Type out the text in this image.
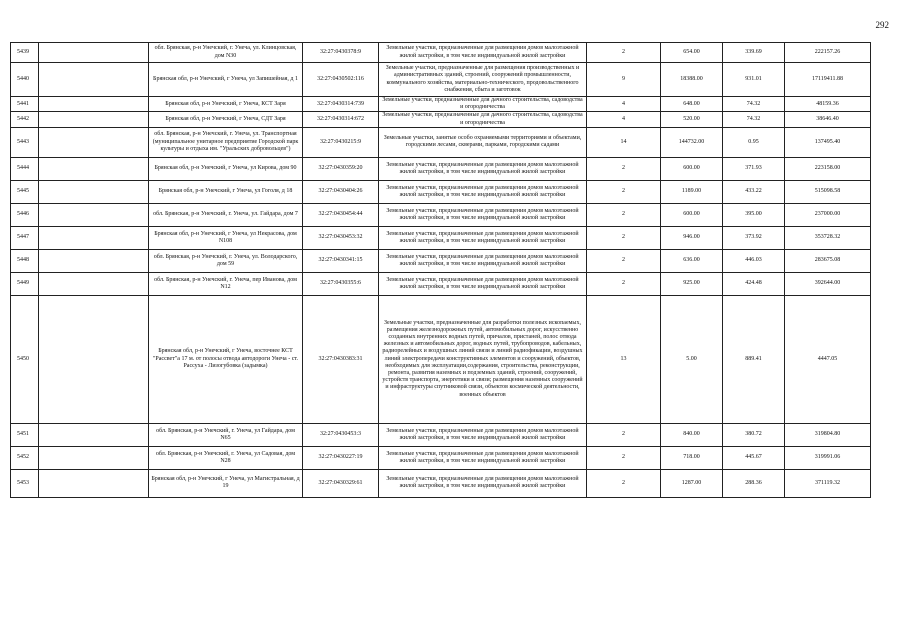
292
5439		обл. Брянская, р-н Унечский, г. Унеча, ул. Клинцовская, дом N30	32:27:0430378:9	Земельные участки, предназначенные для размещения домов малоэтажной жилой застройки, в том числе индивидуальной жилой застройки	2	654.00	339.69	222157.26
5440		Брянская обл, р-н Унечский, г Унеча, ул Запишейная, д 1	32:27:0430502:116	Земельные участки, предназначенные для размещения производственных и административных зданий, строений, сооружений промышленности, коммунального хозяйства, материально-технического, продовольственного снабжения, сбыта и заготовок	9	18388.00	931.01	17119411.88
5441		Брянская обл, р-н Унечский, г Унеча, КСТ Заря	32:27:0430314:739	Земельные участки, предназначенные для дачного строительства, садоводства и огородничества	4	648.00	74.32	48159.36
5442		Брянская обл, р-н Унечский, г Унеча, СДТ Заря	32:27:0430314:672	Земельные участки, предназначенные для дачного строительства, садоводства и огородничества	4	520.00	74.32	38646.40
5443		обл. Брянская, р-н Унечский, г. Унеча, ул. Транспортная (муниципальное унитарное предприятие Городской парк культуры и отдыха им. "Уральских добровольцев")	32:27:0430215:9	Земельные участки, занятые особо охраняемыми территориями и объектами, городскими лесами, скверами, парками, городскими садами	14	144732.00	0.95	137495.40
5444		Брянская обл, р-н Унечский, г Унеча, ул Кирова, дом 90	32:27:0430359:20	Земельные участки, предназначенные для размещения домов малоэтажной жилой застройки, в том числе индивидуальной жилой застройки	2	600.00	371.93	223158.00
5445		Брянская обл, р-н Унечский, г Унеча, ул Гоголя, д 18	32:27:0430404:26	Земельные участки, предназначенные для размещения домов малоэтажной жилой застройки, в том числе индивидуальной жилой застройки	2	1189.00	433.22	515098.58
5446		обл. Брянская, р-н Унечский, г. Унеча, ул. Гайдара, дом 7	32:27:0430454:44	Земельные участки, предназначенные для размещения домов малоэтажной жилой застройки, в том числе индивидуальной жилой застройки	2	600.00	395.00	237000.00
5447		Брянская обл, р-н Унечский, г Унеча, ул Некрасова, дом N108	32:27:0430453:32	Земельные участки, предназначенные для размещения домов малоэтажной жилой застройки, в том числе индивидуальной жилой застройки	2	946.00	373.92	353728.32
5448		обл. Брянская, р-н Унечский, г. Унеча, ул. Володарского, дом 59	32:27:0430341:15	Земельные участки, предназначенные для размещения домов малоэтажной жилой застройки, в том числе индивидуальной жилой застройки	2	636.00	446.03	283675.08
5449		обл. Брянская, р-н Унечский, г. Унеча, пер Иванова, дом N12	32:27:0430355:6	Земельные участки, предназначенные для размещения домов малоэтажной жилой застройки, в том числе индивидуальной жилой застройки	2	925.00	424.48	392644.00
5450		Брянская обл, р-н Унечский, г Унеча, восточнее КСТ "Рассвет"а 17 м. от полосы отвода автодороги Унеча - ст. Рассуха - Лизогубовка (задымка)	32:27:0430383:31	Земельные участки, предназначенные для разработки полезных ископаемых, размещения железнодорожных путей, автомобильных дорог, искусственно созданных внутренних водных путей, причалов, пристаней, полос отвода железных и автомобильных дорог, водных путей, трубопроводов, кабельных, радиорелейных и воздушных линий связи и линий радиофикации, воздушных линий электропередачи конструктивных элементов и сооружений, объектов, необходимых для эксплуатации,содержания, строительства, реконструкции, ремонта, развития наземных и подземных зданий, строений, сооружений, устройств транспорта, энергетики и связи; размещения наземных сооружений и инфраструктуры спутниковой связи, объектов космической деятельности, военных объектов	13	5.00	889.41	4447.05
5451		обл. Брянская, р-н Унечский, г. Унеча, ул Гайдара, дом N65	32:27:0430453:3	Земельные участки, предназначенные для размещения домов малоэтажной жилой застройки, в том числе индивидуальной жилой застройки	2	840.00	380.72	319804.80
5452		обл. Брянская, р-н Унечский, г. Унеча, ул Садовая, дом N28	32:27:0430227:19	Земельные участки, предназначенные для размещения домов малоэтажной жилой застройки, в том числе индивидуальной жилой застройки	2	718.00	445.67	319991.06
5453		Брянская обл, р-н Унечский, г Унеча, ул Магистральная, д 19	32:27:0430329:61	Земельные участки, предназначенные для размещения домов малоэтажной жилой застройки, в том числе индивидуальной жилой застройки	2	1287.00	288.36	371119.32
